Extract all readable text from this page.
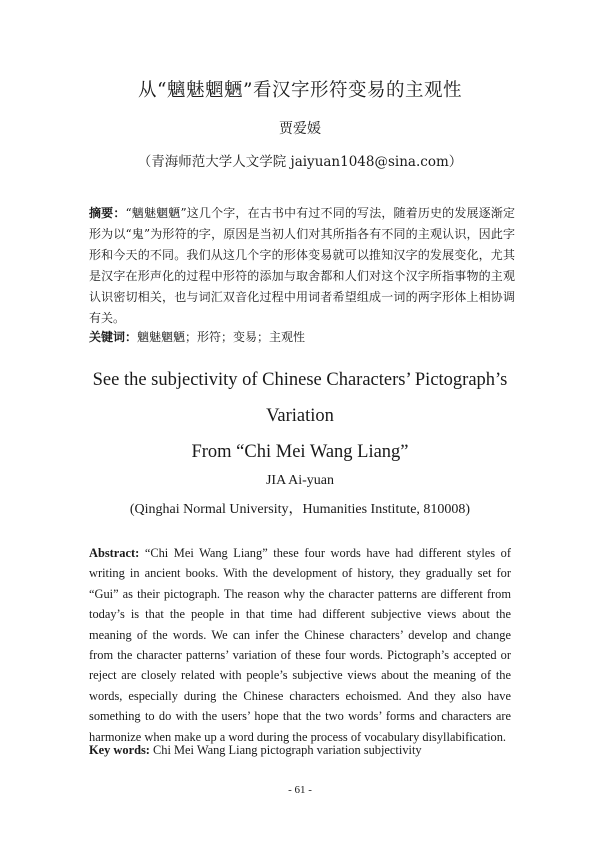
从“魑魅魍魉”看汉字形符变易的主观性
贾爱媛
（青海师范大学人文学院 jaiyuan1048@sina.com）
摘要：“魑魅魍魉”这几个字，在古书中有过不同的写法，随着历史的发展逐渐定形为以“鬼”为形符的字，原因是当初人们对其所指各有不同的主观认识，因此字形和今天的不同。我们从这几个字的形体变易就可以推知汉字的发展变化，尤其是汉字在形声化的过程中形符的添加与取舍都和人们对这个汉字所指事物的主观认识密切相关，也与词汇双音化过程中用词者希望组成一词的两字形体上相协调有关。
关键词：魑魅魍魉；形符；变易；主观性
See the subjectivity of Chinese Characters’ Pictograph’s
Variation
From “Chi Mei Wang Liang”
JIA Ai-yuan
(Qinghai Normal University，Humanities Institute, 810008)
Abstract: “Chi Mei Wang Liang” these four words have had different styles of writing in ancient books. With the development of history, they gradually set for “Gui” as their pictograph. The reason why the character patterns are different from today’s is that the people in that time had different subjective views about the meaning of the words. We can infer the Chinese characters’ develop and change from the character patterns’ variation of these four words. Pictograph’s accepted or reject are closely related with people’s subjective views about the meaning of the words, especially during the Chinese characters echoismed. And they also have something to do with the users’ hope that the two words’ forms and characters are harmonize when make up a word during the process of vocabulary disyllabification.
Key words: Chi Mei Wang Liang pictograph variation subjectivity
- 61 -
